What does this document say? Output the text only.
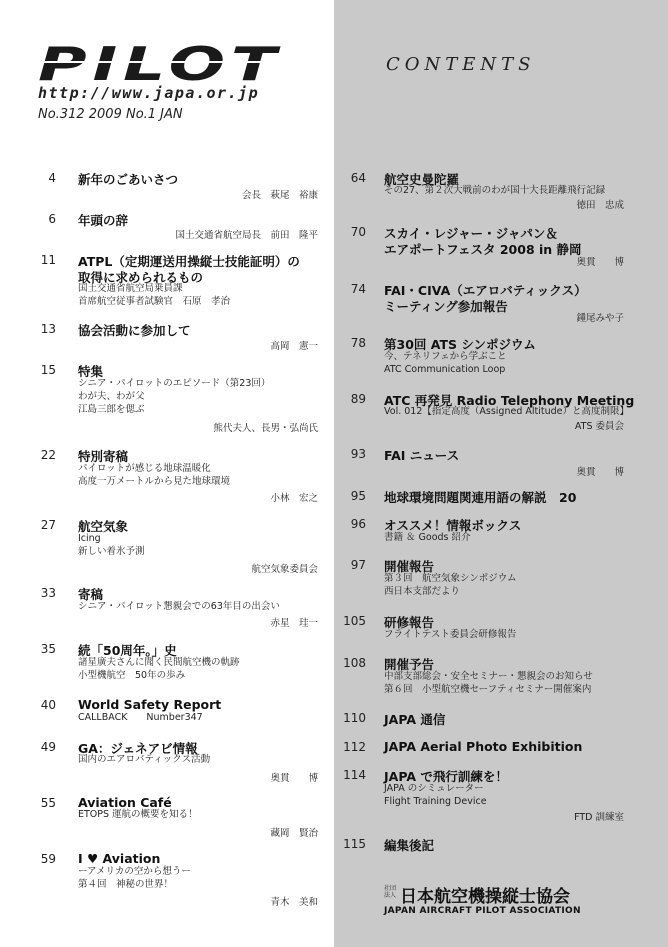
PILOT
http://www.japa.or.jp
No.312 2009 No.1 JAN
CONTENTS
4 新年のごあいさつ
会長　萩尾　裕康
6 年頭の辞
国土交通省航空局長　前田　隆平
11 ATPL（定期運送用操縦士技能証明）の
取得に求められるもの
国土交通省航空局乗員課
首席航空従事者試験官　石原　孝治
13 協会活動に参加して
高岡　憲一
15 特集
シニア・パイロットのエピソード（第23回）
わが夫、わが父
江島三郎を偲ぶ
熊代夫人、長男・弘尚氏
22 特別寄稿
パイロットが感じる地球温暖化
高度一万メートルから見た地球環境
小林　宏之
27 航空気象
Icing
新しい着氷予測
航空気象委員会
33 寄稿
シニア・パイロット懇親会での63年目の出会い
赤星　珪一
35 続「50周年。」史
諸星廣夫さんに聞く民間航空機の軌跡
小型機航空　50年の歩み
40 World Safety Report
CALLBACK　　Number347
49 GA：ジェネアビ情報
国内のエアロバティックス活動
奥貫　　博
55 Aviation Café
ETOPS 運航の概要を知る！
藏岡　賢治
59 I ♥ Aviation
ーアメリカの空から想うー
第４回　神秘の世界！
青木　美和
64 航空史曼陀羅
その27、第２次大戦前のわが国十大長距離飛行記録
徳田　忠成
70 スカイ・レジャー・ジャパン＆
エアポートフェスタ 2008 in 静岡
奥貫　　博
74 FAI・CIVA（エアロバティックス）
ミーティング参加報告
鍾尾みや子
78 第30回 ATS シンポジウム
今、テネリフェから学ぶこと
ATC Communication Loop
89 ATC 再発見 Radio Telephony Meeting
Vol. 012【指定高度（Assigned Altitude）と高度制限】
ATS 委員会
93 FAI ニュース
奥貫　　博
95 地球環境問題関連用語の解説　20
96 オススメ！情報ボックス
書籍 ＆ Goods 紹介
97 開催報告
第３回　航空気象シンポジウム
西日本支部だより
105 研修報告
フライトテスト委員会研修報告
108 開催予告
中部支部総会・安全セミナー・懇親会のお知らせ
第６回　小型航空機セーフティセミナー開催案内
110 JAPA 通信
112 JAPA Aerial Photo Exhibition
114 JAPA で飛行訓練を！
JAPA のシミュレーター
Flight Training Device
FTD 訓練室
115 編集後記
社団法人 日本航空機操縦士協会
JAPAN AIRCRAFT PILOT ASSOCIATION
